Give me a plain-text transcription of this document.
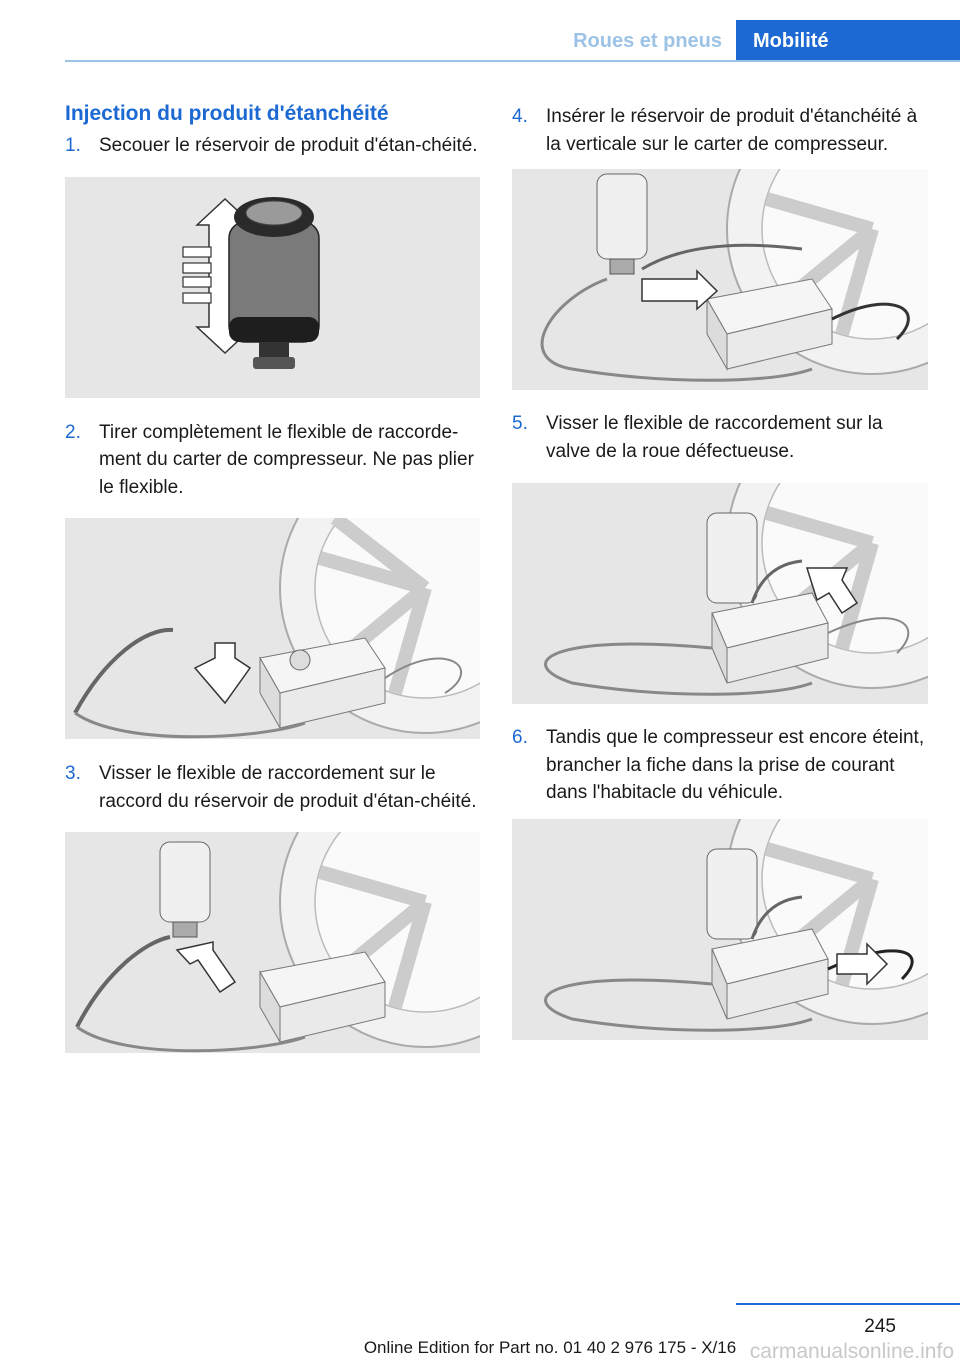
Roues et pneus	Mobilité
Injection du produit d'étanchéité
1. Secouer le réservoir de produit d'étan-chéité.
2. Tirer complètement le flexible de raccorde-ment du carter de compresseur. Ne pas plier le flexible.
3. Visser le flexible de raccordement sur le raccord du réservoir de produit d'étan-chéité.
4. Insérer le réservoir de produit d'étanchéité à la verticale sur le carter de compresseur.
5. Visser le flexible de raccordement sur la valve de la roue défectueuse.
6. Tandis que le compresseur est encore éteint, brancher la fiche dans la prise de courant dans l'habitacle du véhicule.
245
Online Edition for Part no. 01 40 2 976 175 - X/16 carmanualsonline.info
